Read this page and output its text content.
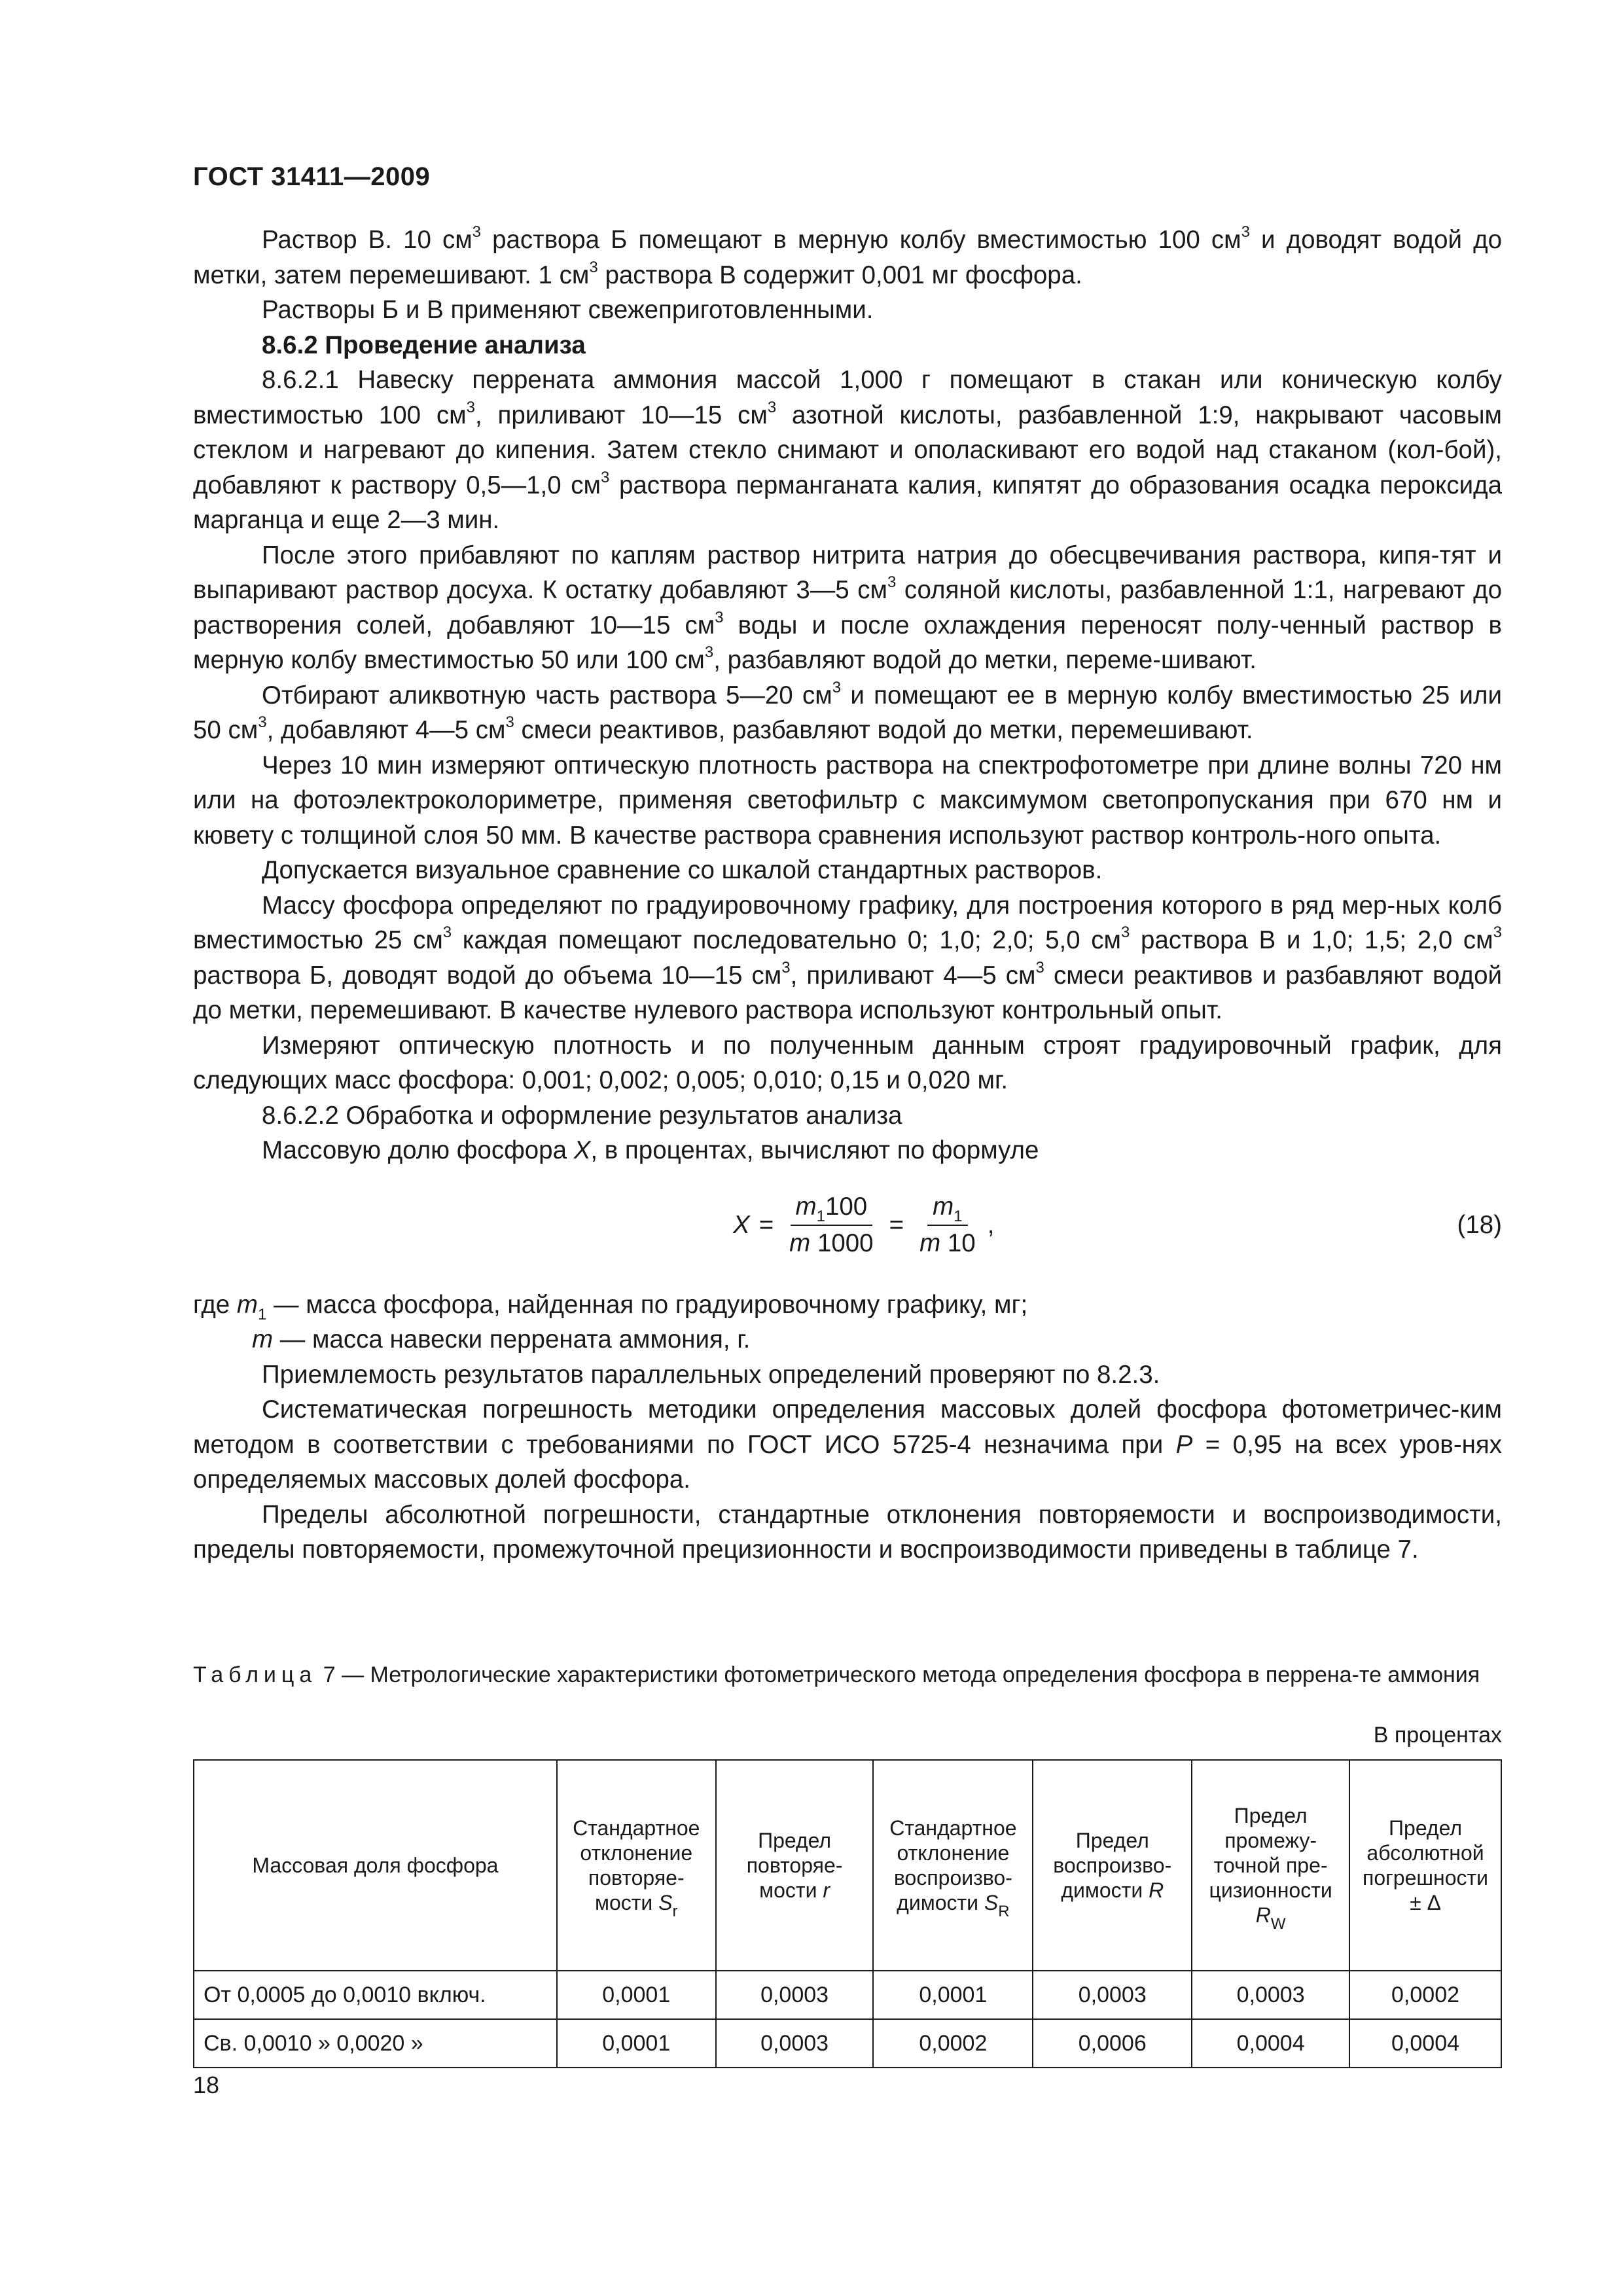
ГОСТ 31411—2009

Раствор В. 10 $см^3$ раствора Б помещают в мерную колбу вместимостью 100 $см^3$ и доводят водой до метки, затем перемешивают. 1 $см^3$ раствора В содержит 0,001 мг фосфора.

Растворы Б и В применяют свежеприготовленными.

8.6.2 Проведение анализа

8.6.2.1 Навеску перрената аммония массой 1,000 г помещают в стакан или коническую колбу вместимостью 100 $см^3$, приливают 10—15 $см^3$ азотной кислоты, разбавленной 1:9, накрывают часовым стеклом и нагревают до кипения. Затем стекло снимают и ополаскивают его водой над стаканом (кол-бой), добавляют к раствору 0,5—1,0 $см^3$ раствора перманганата калия, кипятят до образования осадка пероксида марганца и еще 2—3 мин.

После этого прибавляют по каплям раствор нитрита натрия до обесцвечивания раствора, кипя-тят и выпаривают раствор досуха. К остатку добавляют 3—5 $см^3$ соляной кислоты, разбавленной 1:1, нагревают до растворения солей, добавляют 10—15 $см^3$ воды и после охлаждения переносят полу-ченный раствор в мерную колбу вместимостью 50 или 100 $см^3$, разбавляют водой до метки, переме-шивают.

Отбирают аликвотную часть раствора 5—20 $см^3$ и помещают ее в мерную колбу вместимостью 25 или 50 $см^3$, добавляют 4—5 $см^3$ смеси реактивов, разбавляют водой до метки, перемешивают.

Через 10 мин измеряют оптическую плотность раствора на спектрофотометре при длине волны 720 нм или на фотоэлектроколориметре, применяя светофильтр с максимумом светопропускания при 670 нм и кювету с толщиной слоя 50 мм. В качестве раствора сравнения используют раствор контроль-ного опыта.

Допускается визуальное сравнение со шкалой стандартных растворов.

Массу фосфора определяют по градуировочному графику, для построения которого в ряд мер-ных колб вместимостью 25 $см^3$ каждая помещают последовательно 0; 1,0; 2,0; 5,0 $см^3$ раствора В и 1,0; 1,5; 2,0 $см^3$ раствора Б, доводят водой до объема 10—15 $см^3$, приливают 4—5 $см^3$ смеси реактивов и разбавляют водой до метки, перемешивают. В качестве нулевого раствора используют контрольный опыт.

Измеряют оптическую плотность и по полученным данным строят градуировочный график, для следующих масс фосфора: 0,001; 0,002; 0,005; 0,010; 0,15 и 0,020 мг.

8.6.2.2 Обработка и оформление результатов анализа

Массовую долю фосфора X, в процентах, вычисляют по формуле

$X = \frac{m_1100}{m 1000} = \frac{m_1}{m 10}$ ,	(18)

где $m_1$ — масса фосфора, найденная по градуировочному графику, мг;

m — масса навески перрената аммония, г.

Приемлемость результатов параллельных определений проверяют по 8.2.3.

Систематическая погрешность методики определения массовых долей фосфора фотометричес-ким методом в соответствии с требованиями по ГОСТ ИСО 5725-4 незначима при P = 0,95 на всех уров-нях определяемых массовых долей фосфора.

Пределы абсолютной погрешности, стандартные отклонения повторяемости и воспроизводимости, пределы повторяемости, промежуточной прецизионности и воспроизводимости приведены в таблице 7.

Таблица 7 — Метрологические характеристики фотометрического метода определения фосфора в перрена-те аммония
В процентах
Массовая доля фосфора	Стандартное отклонение повторяе-мости $S_r$	Предел повторяе-мости r	Стандартное отклонение воспроизво-димости $S_R$	Предел воспроизво-димости R	Предел промежу-точной пре-цизионности $R_W$	Предел абсолютной погрешности
± Δ
От 0,0005 до 0,0010 включ.	0,0001	0,0003	0,0001	0,0003	0,0003	0,0002
Св. 0,0010 » 0,0020 »	0,0001	0,0003	0,0002	0,0006	0,0004	0,0004
18
